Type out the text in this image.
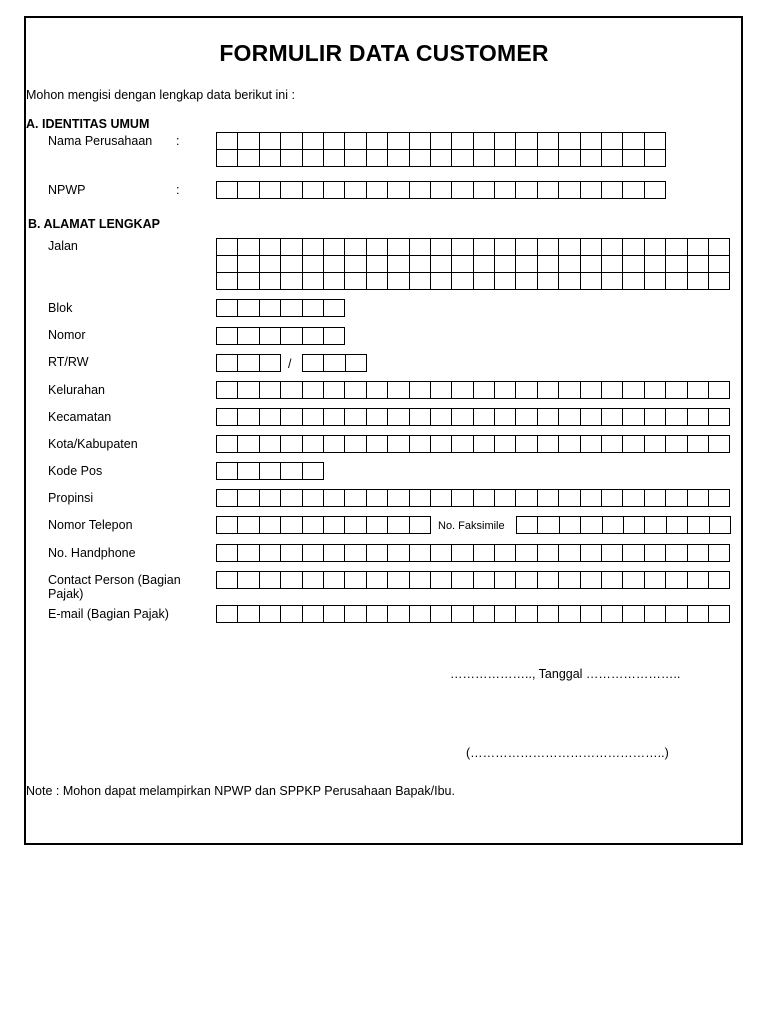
FORMULIR DATA CUSTOMER
Mohon mengisi dengan lengkap data berikut ini :
A. IDENTITAS UMUM
Nama Perusahaan :
NPWP	:
B. ALAMAT LENGKAP
Jalan
Blok
Nomor
RT/RW	/
Kelurahan
Kecamatan
Kota/Kabupaten
Kode Pos
Propinsi
Nomor Telepon	No. Faksimile
No. Handphone
Contact Person (Bagian
Pajak)
E-mail (Bagian Pajak)
……………….., Tanggal …………………..
(………………………………………..)
Note : Mohon dapat melampirkan NPWP dan SPPKP Perusahaan Bapak/Ibu.
